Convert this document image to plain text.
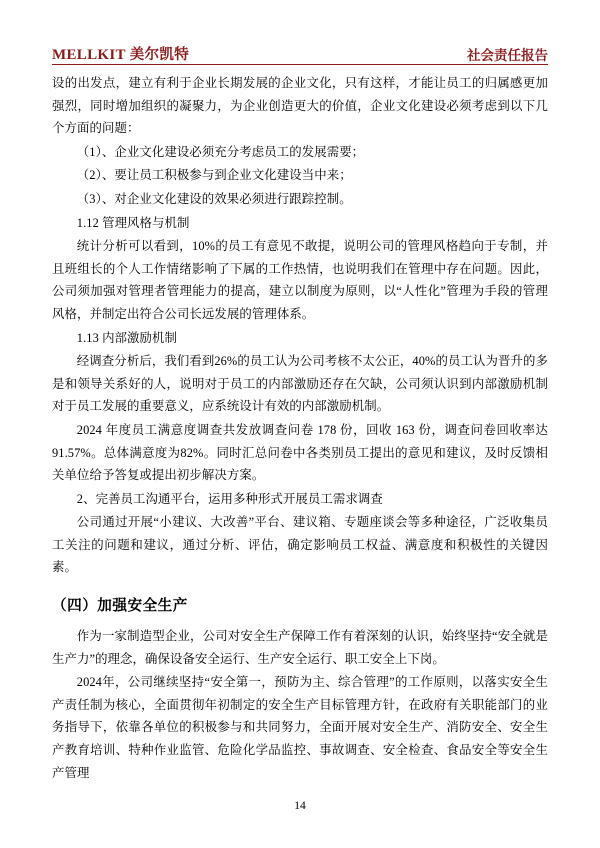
MELLKIT 美尔凯特	社会责任报告

设的出发点，建立有利于企业长期发展的企业文化，只有这样，才能让员工的归属感更加强烈，同时增加组织的凝聚力，为企业创造更大的价值，企业文化建设必须考虑到以下几个方面的问题：

（1）、企业文化建设必须充分考虑员工的发展需要；

（2）、要让员工积极参与到企业文化建设当中来；

（3）、对企业文化建设的效果必须进行跟踪控制。

1.12 管理风格与机制

统计分析可以看到，10%的员工有意见不敢提，说明公司的管理风格趋向于专制，并且班组长的个人工作情绪影响了下属的工作热情，也说明我们在管理中存在问题。因此，公司须加强对管理者管理能力的提高，建立以制度为原则，以“人性化”管理为手段的管理风格，并制定出符合公司长远发展的管理体系。

1.13 内部激励机制

经调查分析后，我们看到26%的员工认为公司考核不太公正，40%的员工认为晋升的多是和领导关系好的人，说明对于员工的内部激励还存在欠缺，公司须认识到内部激励机制对于员工发展的重要意义，应系统设计有效的内部激励机制。

2024 年度员工满意度调查共发放调查问卷 178 份，回收 163 份，调查问卷回收率达91.57%。总体满意度为82%。同时汇总问卷中各类别员工提出的意见和建议，及时反馈相关单位给予答复或提出初步解决方案。

2、完善员工沟通平台，运用多种形式开展员工需求调查

公司通过开展“小建议、大改善”平台、建议箱、专题座谈会等多种途径，广泛收集员工关注的问题和建议，通过分析、评估，确定影响员工权益、满意度和积极性的关键因素。

（四）加强安全生产

作为一家制造型企业，公司对安全生产保障工作有着深刻的认识，始终坚持“安全就是生产力”的理念，确保设备安全运行、生产安全运行、职工安全上下岗。

2024年，公司继续坚持“安全第一，预防为主、综合管理”的工作原则，以落实安全生产责任制为核心，全面贯彻年初制定的安全生产目标管理方针，在政府有关职能部门的业务指导下，依靠各单位的积极参与和共同努力，全面开展对安全生产、消防安全、安全生产教育培训、特种作业监管、危险化学品监控、事故调查、安全检查、食品安全等安全生产管理

14
